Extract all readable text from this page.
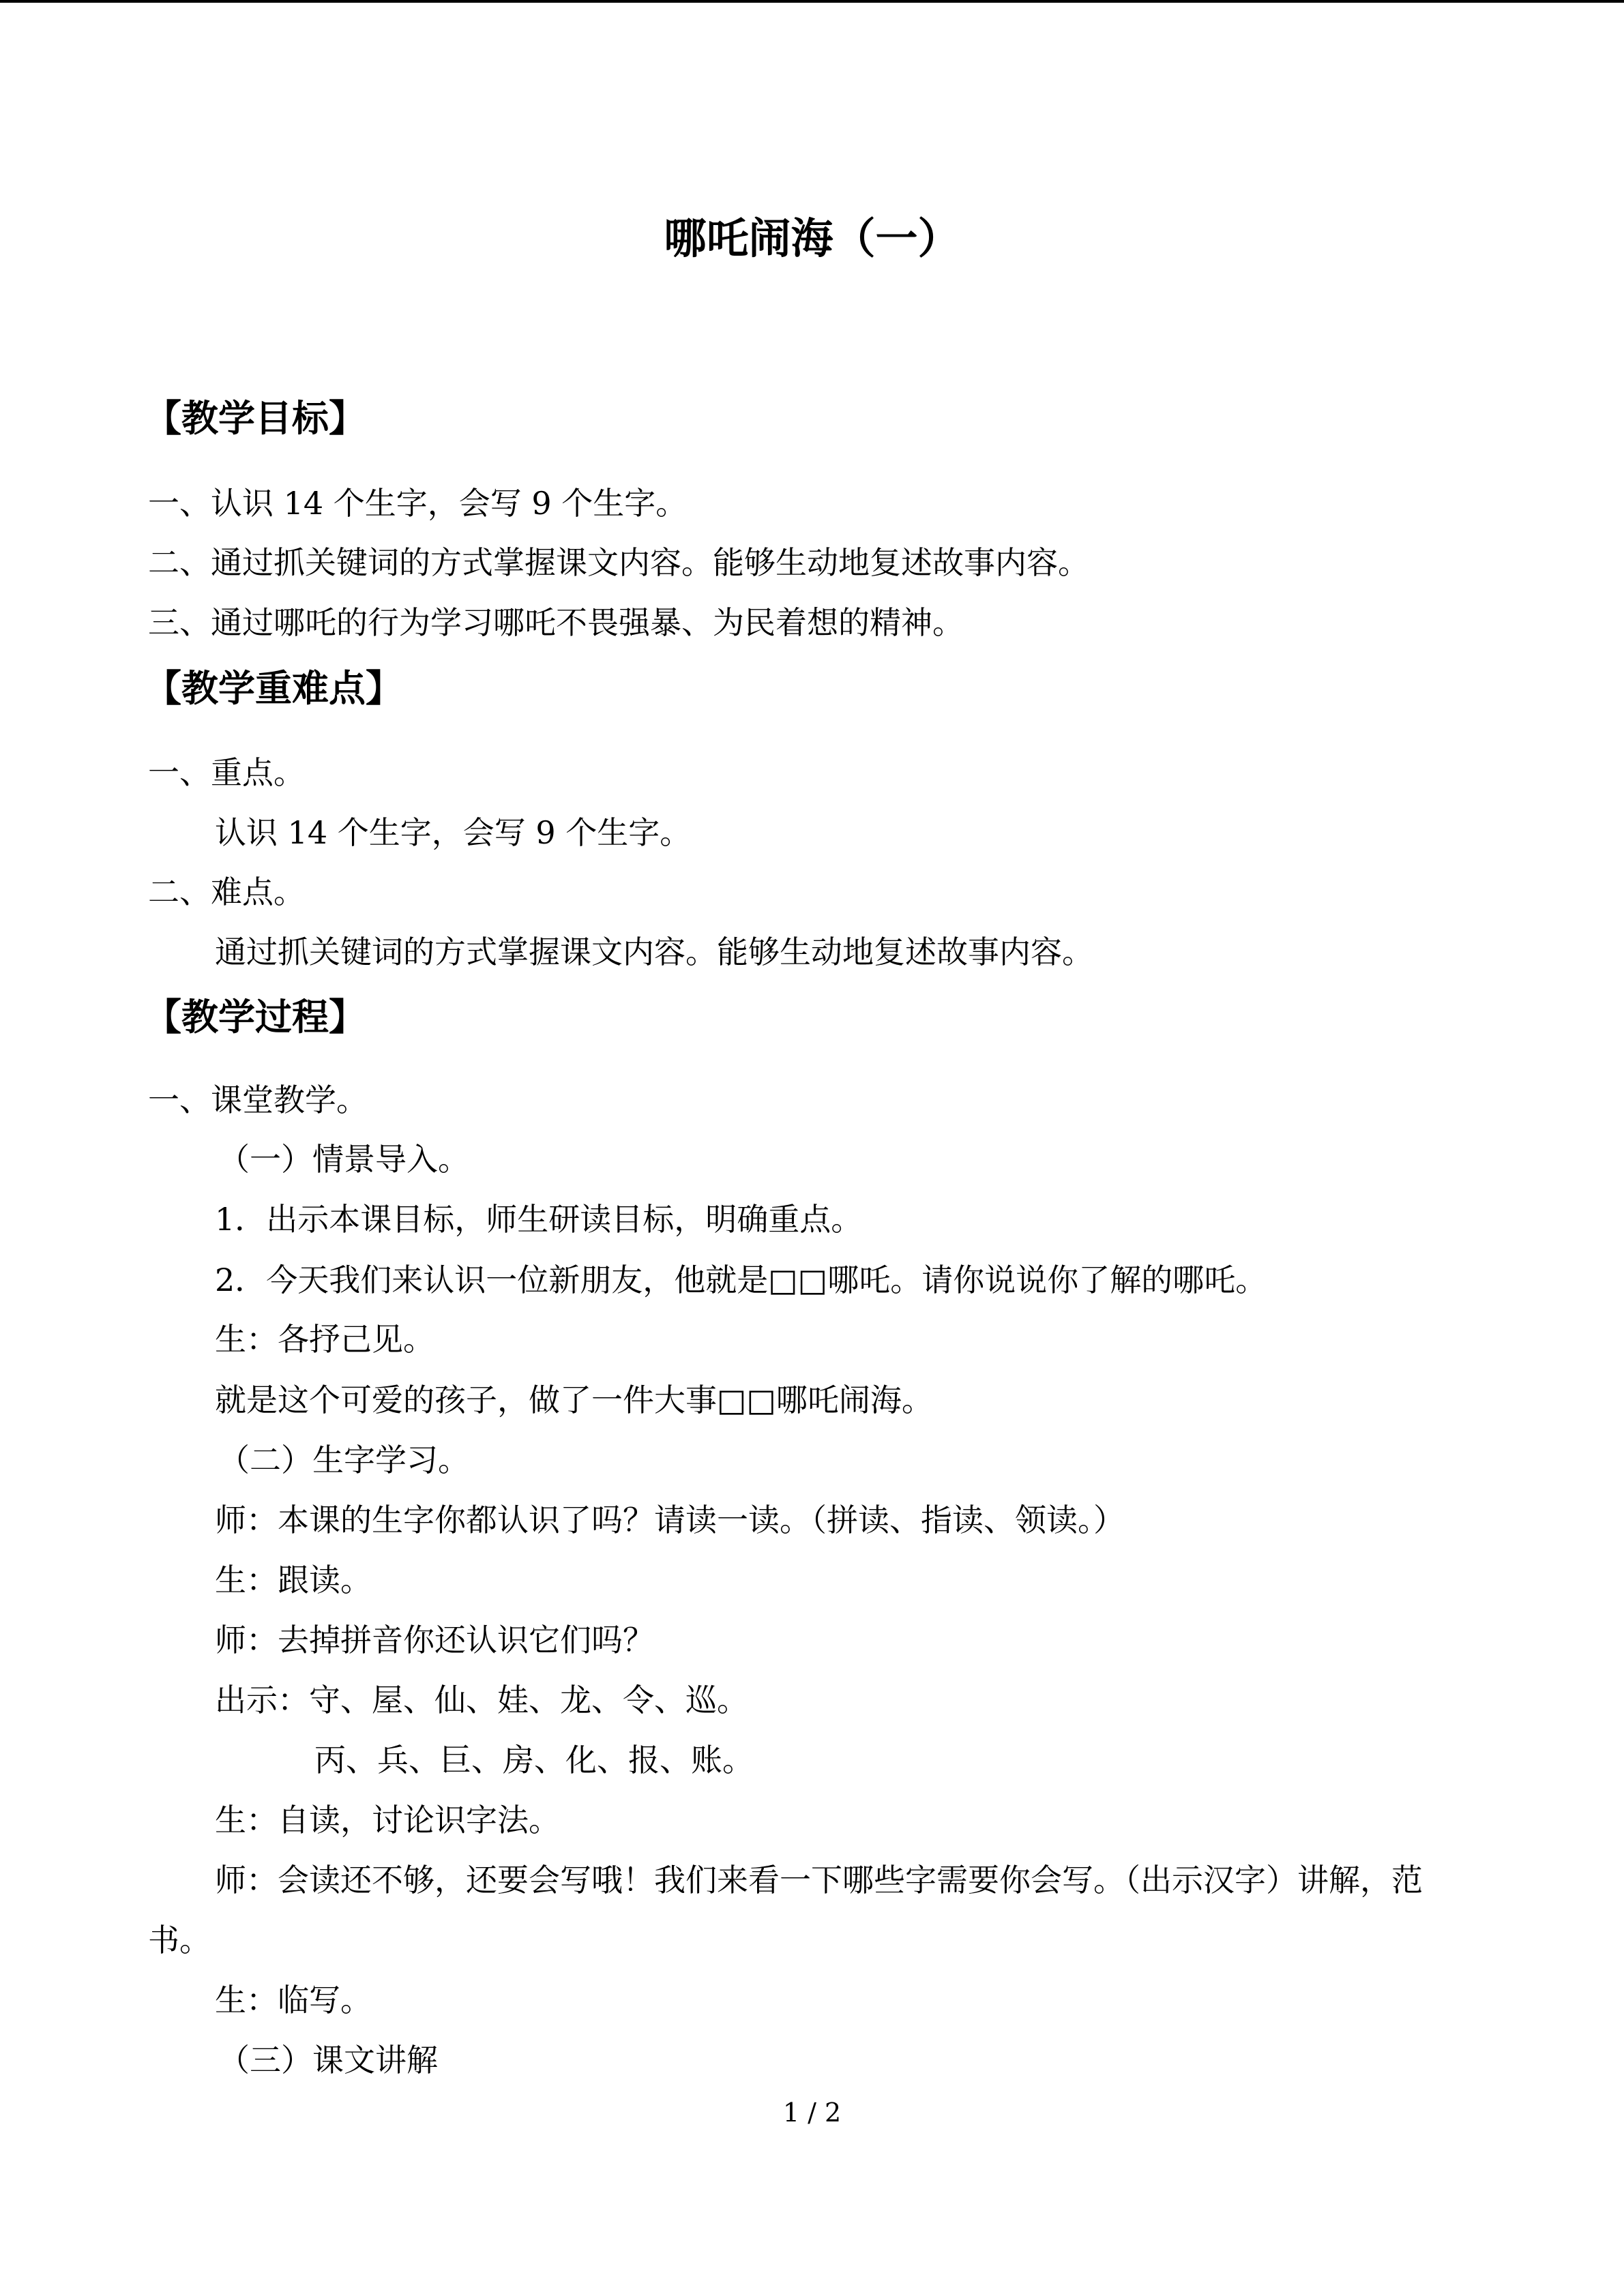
哪吒闹海（一）
【教学目标】
一、认识 14 个生字，会写 9 个生字。
二、通过抓关键词的方式掌握课文内容。能够生动地复述故事内容。
三、通过哪吒的行为学习哪吒不畏强暴、为民着想的精神。
【教学重难点】
一、重点。
认识 14 个生字，会写 9 个生字。
二、难点。
通过抓关键词的方式掌握课文内容。能够生动地复述故事内容。
【教学过程】
一、课堂教学。
（一）情景导入。
1．出示本课目标，师生研读目标，明确重点。
2．今天我们来认识一位新朋友，他就是□□哪吒。请你说说你了解的哪吒。
生：各抒己见。
就是这个可爱的孩子，做了一件大事□□哪吒闹海。
（二）生字学习。
师：本课的生字你都认识了吗？请读一读。（拼读、指读、领读。）
生：跟读。
师：去掉拼音你还认识它们吗？
出示：守、屋、仙、娃、龙、令、巡。
丙、兵、巨、房、化、报、账。
生：自读，讨论识字法。
师：会读还不够，还要会写哦！我们来看一下哪些字需要你会写。（出示汉字）讲解，范
书。
生：临写。
（三）课文讲解
1 / 2
